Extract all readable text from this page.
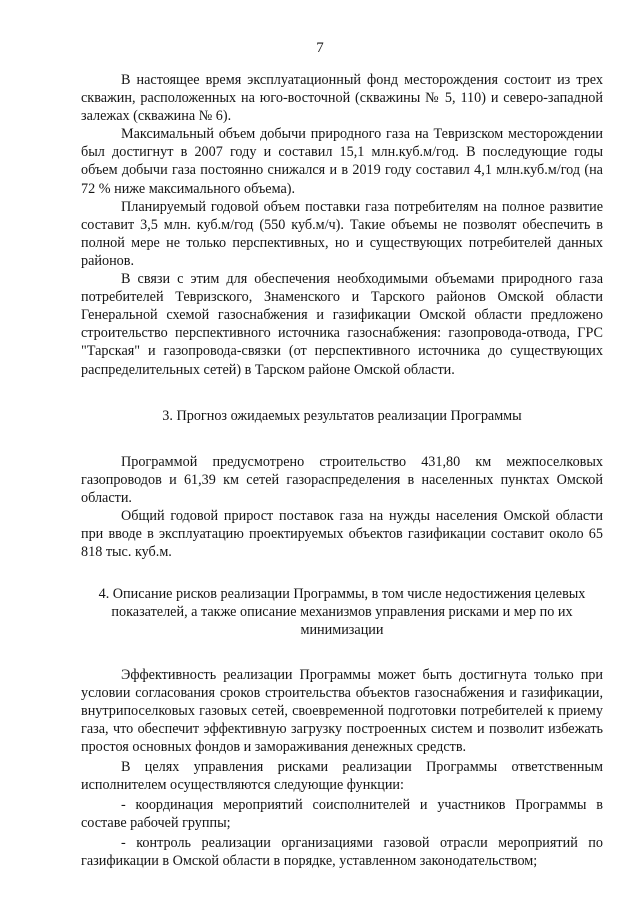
7

В настоящее время эксплуатационный фонд месторождения состоит из трех скважин, расположенных на юго-восточной (скважины № 5, 110) и северо-западной залежах (скважина № 6).

Максимальный объем добычи природного газа на Тевризском месторождении был достигнут в 2007 году и составил 15,1 млн.куб.м/год. В последующие годы объем добычи газа постоянно снижался и в 2019 году составил 4,1 млн.куб.м/год (на 72 % ниже максимального объема).

Планируемый годовой объем поставки газа потребителям на полное развитие составит 3,5 млн. куб.м/год (550 куб.м/ч). Такие объемы не позволят обеспечить в полной мере не только перспективных, но и существующих потребителей данных районов.

В связи с этим для обеспечения необходимыми объемами природного газа потребителей Тевризского, Знаменского и Тарского районов Омской области Генеральной схемой газоснабжения и газификации Омской области предложено строительство перспективного источника газоснабжения: газопровода-отвода, ГРС "Тарская" и газопровода-связки (от перспективного источника до существующих распределительных сетей) в Тарском районе Омской области.

3. Прогноз ожидаемых результатов реализации Программы

Программой предусмотрено строительство 431,80 км межпоселковых газопроводов и 61,39 км сетей газораспределения в населенных пунктах Омской области.

Общий годовой прирост поставок газа на нужды населения Омской области при вводе в эксплуатацию проектируемых объектов газификации составит около 65 818 тыс. куб.м.

4. Описание рисков реализации Программы, в том числе недостижения целевых показателей, а также описание механизмов управления рисками и мер по их минимизации

Эффективность реализации Программы может быть достигнута только при условии согласования сроков строительства объектов газоснабжения и газификации, внутрипоселковых газовых сетей, своевременной подготовки потребителей к приему газа, что обеспечит эффективную загрузку построенных систем и позволит избежать простоя основных фондов и замораживания денежных средств.

В целях управления рисками реализации Программы ответственным исполнителем осуществляются следующие функции:

- координация мероприятий соисполнителей и участников Программы в составе рабочей группы;

- контроль реализации организациями газовой отрасли мероприятий по газификации в Омской области в порядке, уставленном законодательством;
